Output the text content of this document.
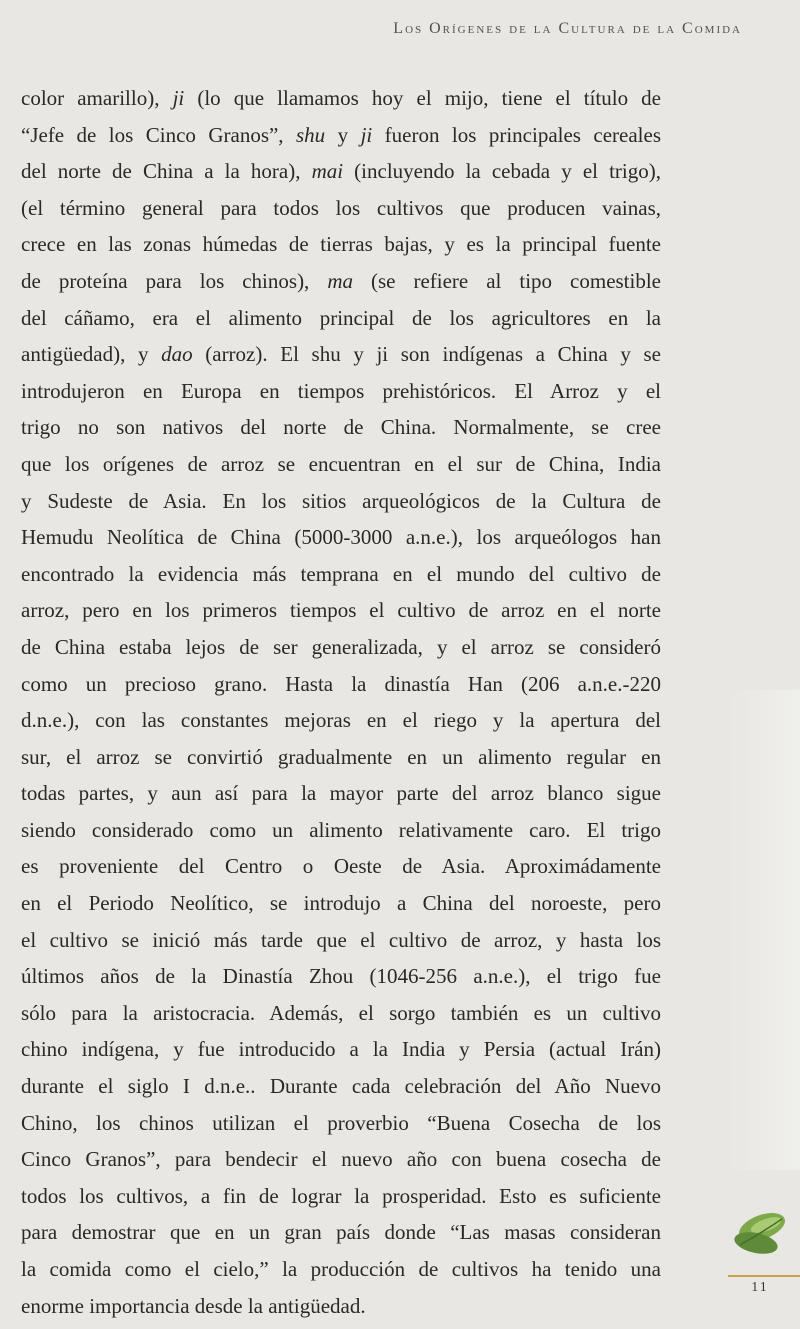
Los Orígenes de la Cultura de la Comida
color amarillo), ji (lo que llamamos hoy el mijo, tiene el título de
“Jefe de los Cinco Granos”, shu y ji fueron los principales cereales
del norte de China a la hora), mai (incluyendo la cebada y el trigo),
(el término general para todos los cultivos que producen vainas,
crece en las zonas húmedas de tierras bajas, y es la principal fuente
de proteína para los chinos), ma (se refiere al tipo comestible
del cáñamo, era el alimento principal de los agricultores en la
antigüedad), y dao (arroz). El shu y ji son indígenas a China y se
introdujeron en Europa en tiempos prehistóricos. El Arroz y el
trigo no son nativos del norte de China. Normalmente, se cree
que los orígenes de arroz se encuentran en el sur de China, India
y Sudeste de Asia. En los sitios arqueológicos de la Cultura de
Hemudu Neolítica de China (5000-3000 a.n.e.), los arqueólogos han
encontrado la evidencia más temprana en el mundo del cultivo de
arroz, pero en los primeros tiempos el cultivo de arroz en el norte
de China estaba lejos de ser generalizada, y el arroz se consideró
como un precioso grano. Hasta la dinastía Han (206 a.n.e.-220
d.n.e.), con las constantes mejoras en el riego y la apertura del
sur, el arroz se convirtió gradualmente en un alimento regular en
todas partes, y aun así para la mayor parte del arroz blanco sigue
siendo considerado como un alimento relativamente caro. El trigo
es proveniente del Centro o Oeste de Asia. Aproximádamente
en el Periodo Neolítico, se introdujo a China del noroeste, pero
el cultivo se inició más tarde que el cultivo de arroz, y hasta los
últimos años de la Dinastía Zhou (1046-256 a.n.e.), el trigo fue
sólo para la aristocracia. Además, el sorgo también es un cultivo
chino indígena, y fue introducido a la India y Persia (actual Irán)
durante el siglo I d.n.e.. Durante cada celebración del Año Nuevo
Chino, los chinos utilizan el proverbio “Buena Cosecha de los
Cinco Granos”, para bendecir el nuevo año con buena cosecha de
todos los cultivos, a fin de lograr la prosperidad. Esto es suficiente
para demostrar que en un gran país donde “Las masas consideran
la comida como el cielo,” la producción de cultivos ha tenido una
enorme importancia desde la antigüedad.
11
